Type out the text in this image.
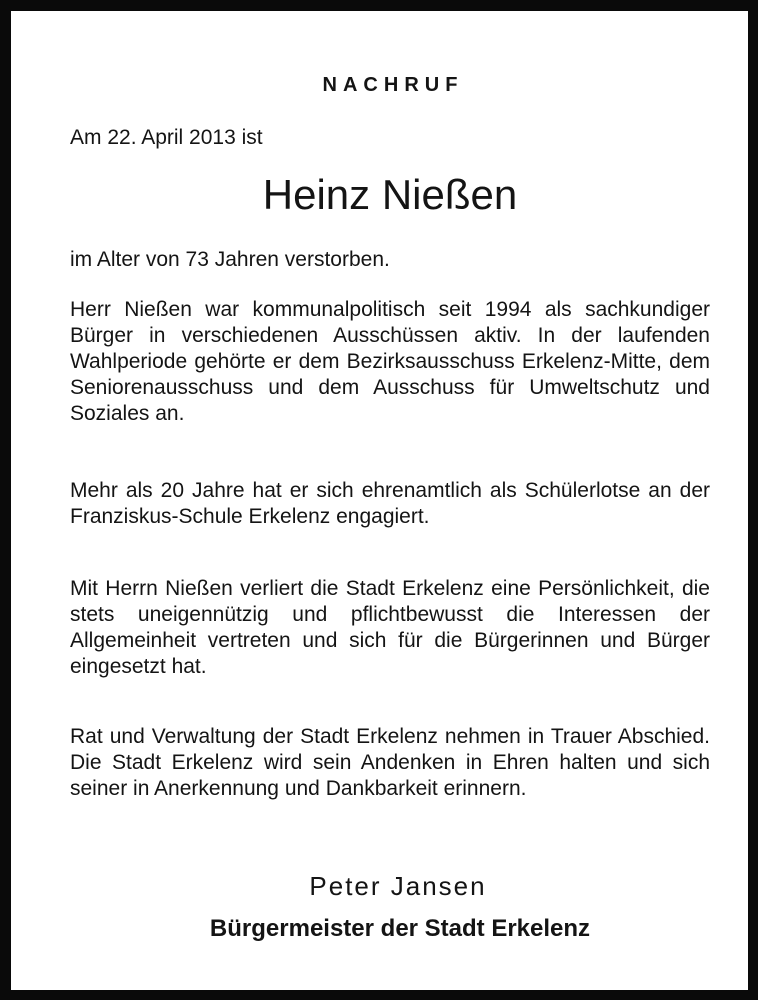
NACHRUF
Am 22. April 2013 ist
Heinz Nießen
im Alter von 73 Jahren verstorben.

Herr Nießen war kommunalpolitisch seit 1994 als sachkundiger Bürger in verschiedenen Ausschüssen aktiv. In der laufenden Wahlperiode gehörte er dem Bezirksausschuss Erkelenz-Mitte, dem Seniorenausschuss und dem Ausschuss für Umweltschutz und Soziales an.

Mehr als 20 Jahre hat er sich ehrenamtlich als Schülerlotse an der Franziskus-Schule Erkelenz engagiert.

Mit Herrn Nießen verliert die Stadt Erkelenz eine Persönlichkeit, die stets uneigennützig und pflichtbewusst die Interessen der Allgemeinheit vertreten und sich für die Bürgerinnen und Bürger eingesetzt hat.

Rat und Verwaltung der Stadt Erkelenz nehmen in Trauer Abschied. Die Stadt Erkelenz wird sein Andenken in Ehren halten und sich seiner in Anerkennung und Dankbarkeit erinnern.

Peter Jansen
Bürgermeister der Stadt Erkelenz
